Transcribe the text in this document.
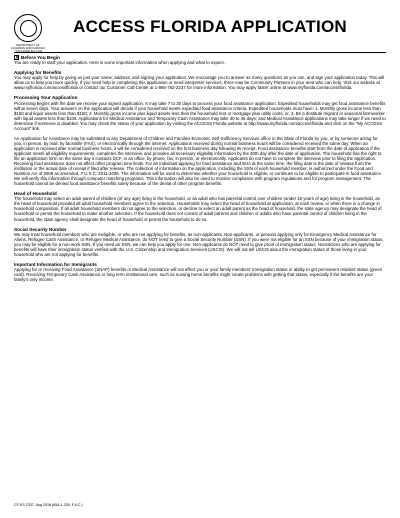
DEPARTMENT OF CHILDREN AND FAMILIES · MYFLFAMILIES.COM
ACCESS FLORIDA APPLICATION
✕Before You Begin

You are ready to start your application. Here is some important information when applying and what to expect.

Applying for Benefits

You may apply for help by giving us just your name, address, and signing your application. We encourage you to answer as many questions as you can, and sign your application today. This will allow us to help you more quickly. If you need help in completing this application or need interpreter services, there may be Community Partners in your area who can help. Visit our website at www.myflorida.com/accessflorida or contact our Customer Call Center at 1-866-762-2237 for more information. You may apply faster online at www.myflorida.com/accessflorida.

Processing Your Application

Processing begins with the date we receive your signed application. It may take 7 to 30 days to process your food assistance application. Expedited households may get food assistance benefits within seven days. Your answers on the application will decide if your household meets expedited food assistance criteria. Expedited households must have: 1. Monthly gross income less than $150 and liquid assets less than $150; 2. Monthly gross income plus liquid assets less than the household rent or mortgage plus utility costs; or, 3. Be a destitute migrant or seasonal farmworker with liquid assets less than $100. Applications for Medical Assistance and Temporary Cash Assistance may take 30 to 45 days; and Medical Assistance applications may take longer if we need to determine if someone is disabled. You may check the status of your application by visiting the ACCESS Florida website at http://www.myflorida.com/accessflorida and click on the "My ACCESS Account" link.

An Application for Assistance may be submitted to any Department of Children and Families Economic Self-Sufficiency Services office in the State of Florida by you, or by someone acting for you, in person, by mail, by facsimile (FAX), or electronically through the internet. Applications received during normal business hours will be considered received the same day. When an application is received after normal business hours, it will be considered received on the first business day following its receipt. Food assistance benefits start from the date of application if the applicant meets all eligibility requirements, completes the interview, and provides all necessary eligibility information by the 30th day after the date of application. The household has the right to file an application form on the same day it contacts DCF, in an office, by phone, fax, in person, or electronically. Applicants do not have to complete the interview prior to filing the application. Receiving food assistance does not affect other program time limits. For an individual applying for food assistance and SUA at the same time, the filing date is the date of release from the institution or the actual date of receipt if filed after release. The collection of information on the application, including the SSN of each household member, is authorized under the Food and Nutrition Act of 2008 as amended, 7 U.S.C. 2011-2036. The information will be used to determine whether your household is eligible, or continues to be eligible to participate in food assistance. We will verify this information through computer matching programs. This information will also be used to monitor compliance with program regulations and for program management. The household cannot be denied food assistance benefits solely because of the denial of other program benefits.

Head of Household

The household may select an adult parent of children (of any age) living in the household, or an adult who has parental control over children (under 18 years of age) living in the household, as the head of household provided all adult household members agree to the selection. Households may select the head of household at application, at each review, or when there is a change in household composition. If all adult household members do not agree to the selection, or decline to select an adult parent as the head of household, the state agency may designate the head of household or permit the household to make another selection. If the household does not consist of adult parents and children or adults who have parental control of children living in the household, the state agency shall designate the head of household or permit the household to do so.

Social Security Number

We may treat household members who are ineligible, or who are not applying for benefits, as non-applicants. Non-applicants, or persons applying only for Emergency Medical Assistance for Aliens, Refugee Cash Assistance, or Refugee Medical Assistance, do NOT need to give a Social Security Number (SSN). If you were not eligible for an SSN because of your immigration status, you may be eligible for a non-work SSN. If you need an SSN, we can help you apply for one. Non-applicants do NOT need to give proof of immigration status. Noncitizens who are applying for benefits will have their immigration status verified with the U.S. Citizenship and Immigration Services (USCIS). We will not tell USCIS about the immigration status of those living in your household who are not applying for benefits.

Important Information for Immigrants

Applying for or receiving Food Assistance (SNAP) benefits or Medical Assistance will not affect you or your family members' immigration status or ability to get permanent resident status (green card). Receiving Temporary Cash Assistance or long term institutional care, such as nursing home benefits might create problems with getting that status, especially if the benefits are your family's only income.

CF-ES 2337, Aug 2018 (65A-1.205, F.A.C.)
